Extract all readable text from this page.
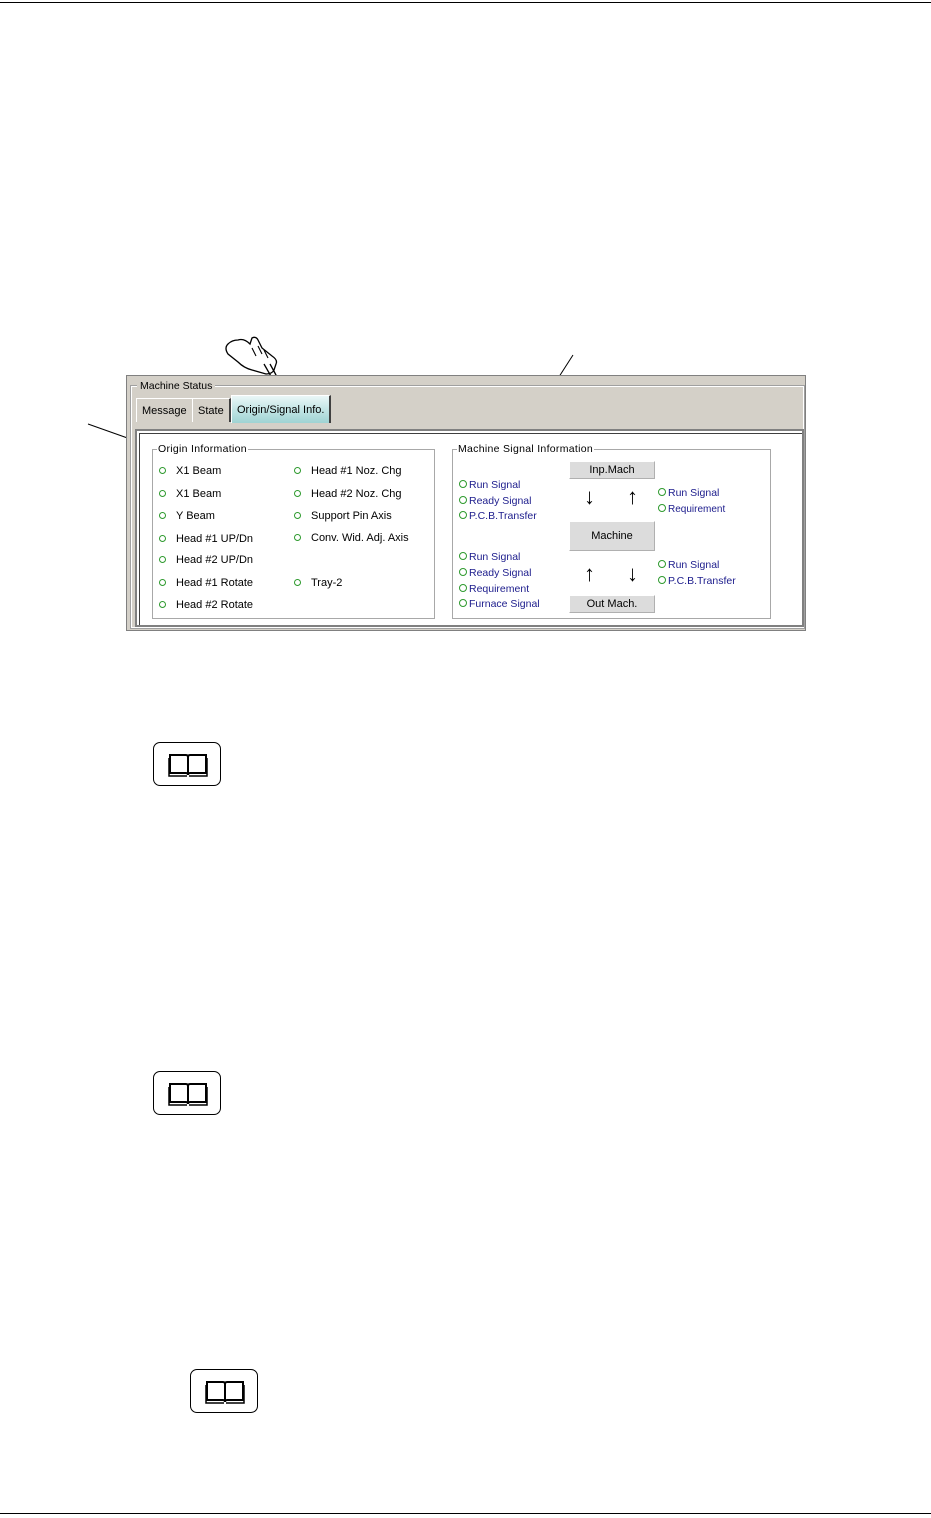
Machine Status
Message	State	Origin/Signal Info.
Origin Information
X1 Beam
X1 Beam
Y Beam
Head #1 UP/Dn
Head #2 UP/Dn
Head #1 Rotate
Head #2 Rotate
Head #1 Noz. Chg
Head #2 Noz. Chg
Support Pin Axis
Conv. Wid. Adj. Axis
Tray-2
Machine Signal Information
Inp.Mach
Machine
Out Mach.
↓ ↑
↑ ↓
Run Signal
Ready Signal
P.C.B.Transfer
Run Signal
Requirement
Run Signal
Ready Signal
Requirement
Furnace Signal
Run Signal
P.C.B.Transfer
